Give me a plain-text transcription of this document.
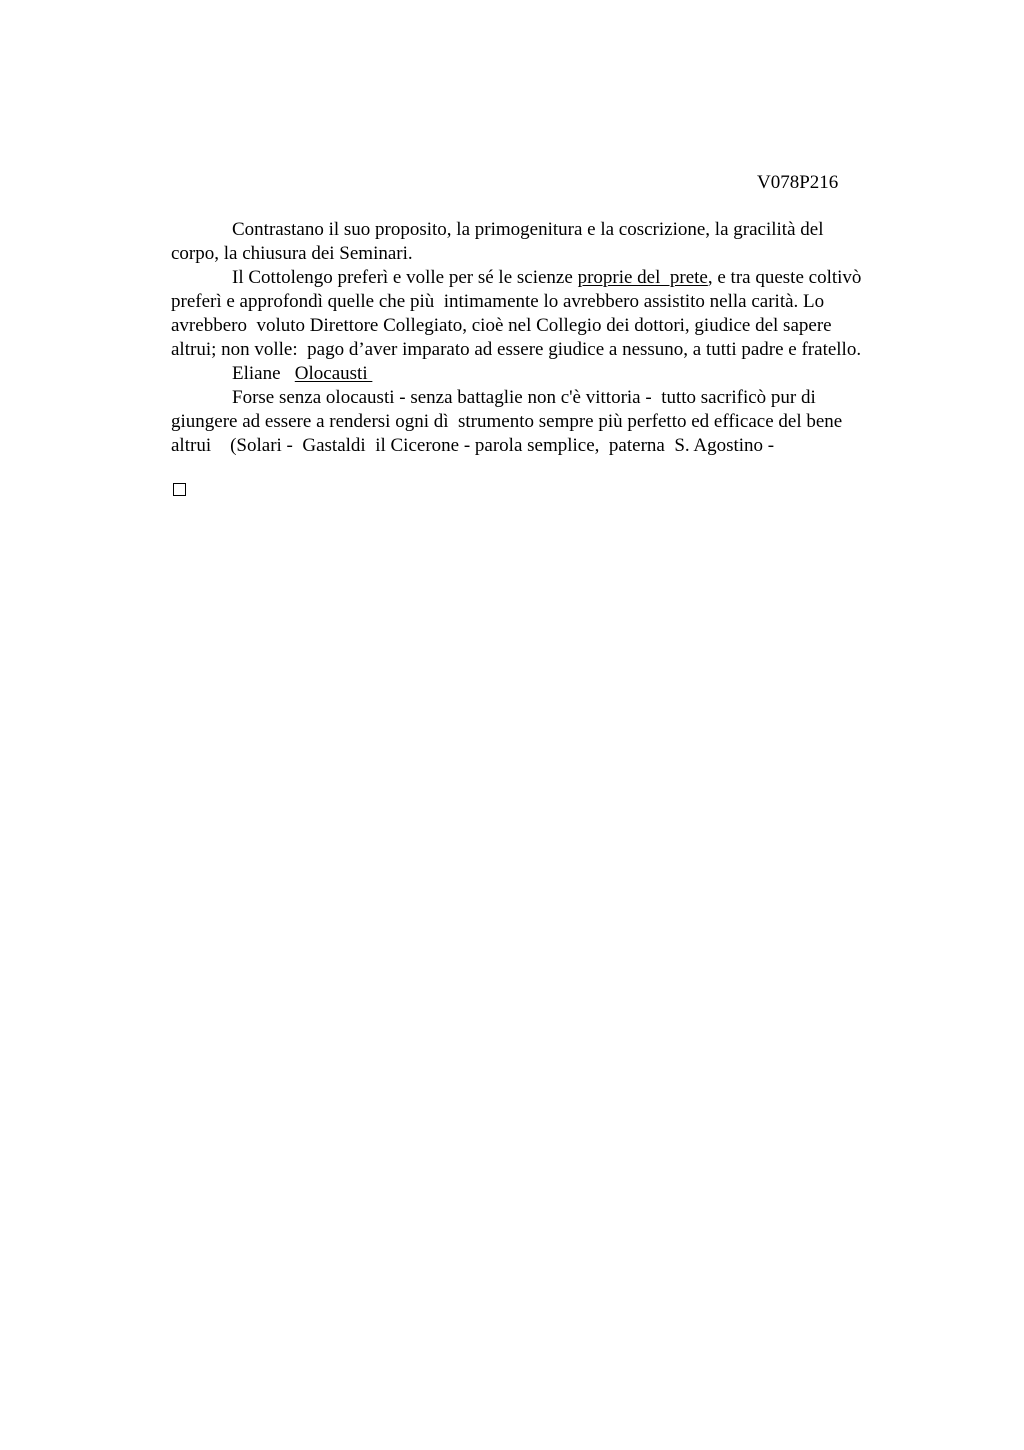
V078P216
Contrastano il suo proposito, la primogenitura e la coscrizione, la gracilità del
corpo, la chiusura dei Seminari.
Il Cottolengo preferì e volle per sé le scienze proprie del  prete, e tra queste coltivò
preferì e approfondì quelle che più  intimamente lo avrebbero assistito nella carità. Lo
avrebbero  voluto Direttore Collegiato, cioè nel Collegio dei dottori, giudice del sapere
altrui; non volle:  pago d’aver imparato ad essere giudice a nessuno, a tutti padre e fratello.
Eliane   Olocausti
Forse senza olocausti - senza battaglie non c'è vittoria -  tutto sacrificò pur di
giungere ad essere a rendersi ogni dì  strumento sempre più perfetto ed efficace del bene
altrui    (Solari -  Gastaldi  il Cicerone - parola semplice,  paterna  S. Agostino -
